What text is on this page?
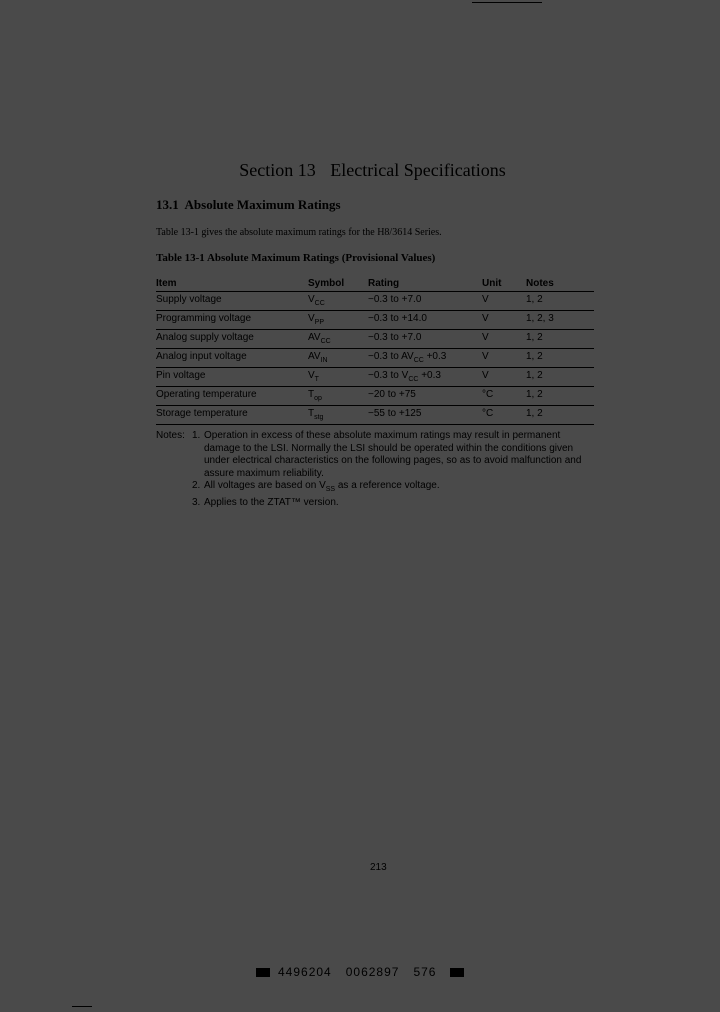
Section 13 Electrical Specifications
13.1 Absolute Maximum Ratings
Table 13-1 gives the absolute maximum ratings for the H8/3614 Series.
Table 13-1 Absolute Maximum Ratings (Provisional Values)
Item	Symbol	Rating	Unit	Notes
Supply voltage	$V_{CC}$	−0.3 to +7.0	V	1, 2
Programming voltage	$V_{PP}$	−0.3 to +14.0	V	1, 2, 3
Analog supply voltage	$AV_{CC}$	−0.3 to +7.0	V	1, 2
Analog input voltage	$AV_{IN}$	−0.3 to $AV_{CC} +0.3$	V	1, 2
Pin voltage	$V_T$	−0.3 to $V_{CC} +0.3$	V	1, 2
Operating temperature	$T_{op}$	−20 to +75	°C	1, 2
Storage temperature	$T_{stg}$	−55 to +125	°C	1, 2
Notes: 1. Operation in excess of these absolute maximum ratings may result in permanent damage to the LSI. Normally the LSI should be operated within the conditions given under electrical characteristics on the following pages, so as to avoid malfunction and assure maximum reliability.
2. All voltages are based on $V_{SS}$ as a reference voltage.
3. Applies to the ZTAT™ version.
213
4496204 0062897 576
